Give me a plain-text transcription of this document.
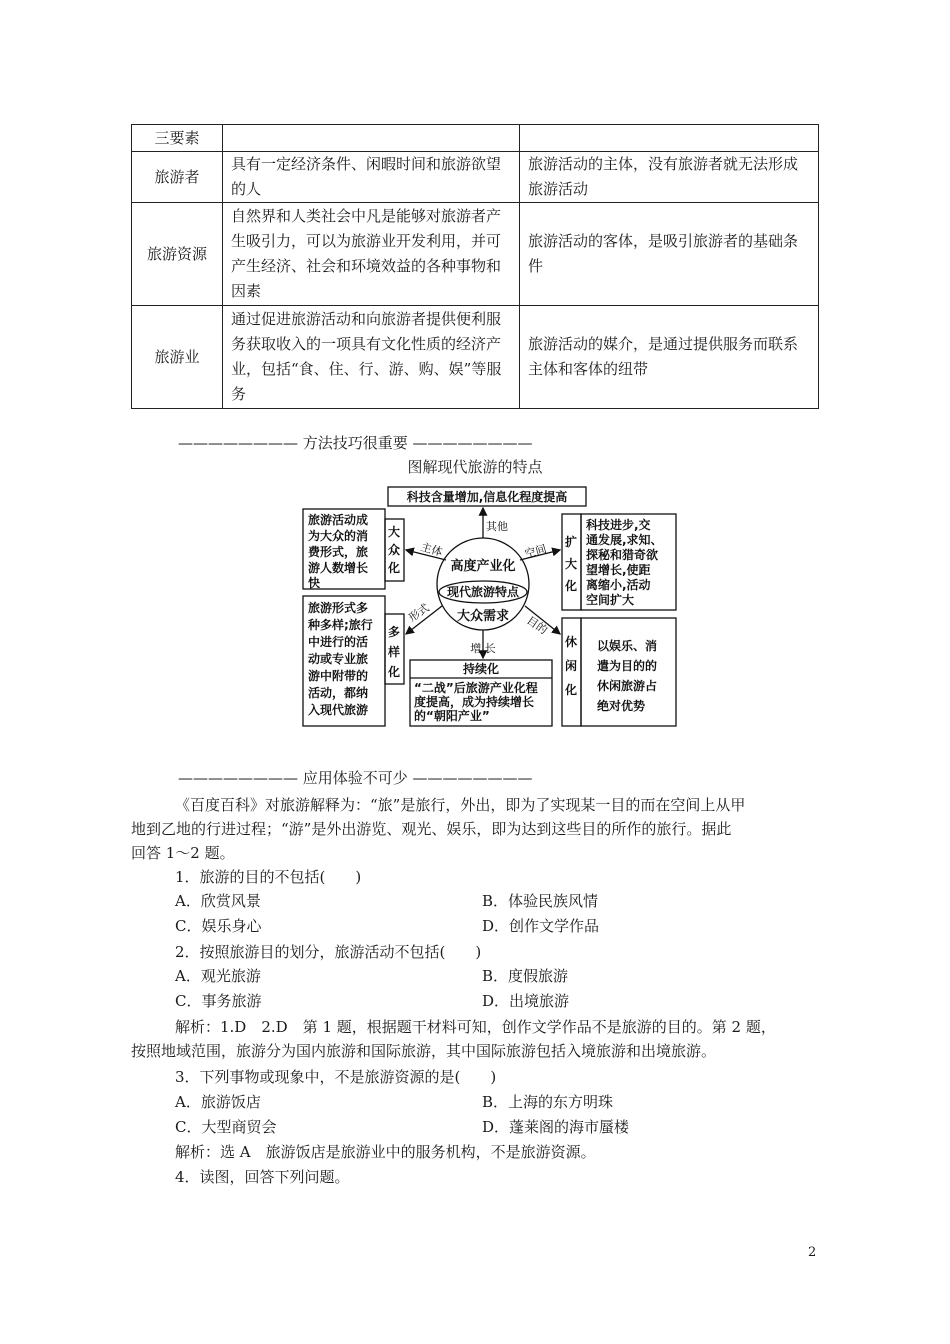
三要素		
旅游者	具有一定经济条件、闲暇时间和旅游欲望的人	旅游活动的主体，没有旅游者就无法形成旅游活动
旅游资源	自然界和人类社会中凡是能够对旅游者产生吸引力，可以为旅游业开发利用，并可产生经济、社会和环境效益的各种事物和因素	旅游活动的客体，是吸引旅游者的基础条件
旅游业	通过促进旅游活动和向旅游者提供便利服务获取收入的一项具有文化性质的经济产业，包括“食、住、行、游、购、娱”等服务	旅游活动的媒介，是通过提供服务而联系主体和客体的纽带
———————— 方法技巧很重要 ————————
图解现代旅游的特点
科技含量增加,信息化程度提高
旅游活动成
为大众的消
费形式，旅
游人数增长
快
大
众
化
扩
大
化
科技进步,交
通发展,求知、
探秘和猎奇欲
望增长,使距
离缩小,活动
空间扩大
旅游形式多
种多样;旅行
中进行的活
动或专业旅
游中附带的
活动，都纳
入现代旅游
多
样
化
休
闲
化
以娱乐、消
遣为目的的
休闲旅游占
绝对优势
持续化
“二战”后旅游产业化程
度提高，成为持续增长
的“朝阳产业”
高度产业化
现代旅游特点
大众需求
其他
主体	空间
形式
目的
增 长
———————— 应用体验不可少 ————————
《百度百科》对旅游解释为：“旅”是旅行，外出，即为了实现某一目的而在空间上从甲
地到乙地的行进过程；“游”是外出游览、观光、娱乐，即为达到这些目的所作的旅行。据此
回答 1～2 题。
1．旅游的目的不包括(　　)
A．欣赏风景	B．体验民族风情
C．娱乐身心	D．创作文学作品
2．按照旅游目的划分，旅游活动不包括(　　)
A．观光旅游	B．度假旅游
C．事务旅游	D．出境旅游
解析：1.D　2.D　第 1 题，根据题干材料可知，创作文学作品不是旅游的目的。第 2 题，
按照地域范围，旅游分为国内旅游和国际旅游，其中国际旅游包括入境旅游和出境旅游。
3．下列事物或现象中，不是旅游资源的是(　　)
A．旅游饭店	B．上海的东方明珠
C．大型商贸会	D．蓬莱阁的海市蜃楼
解析：选 A　旅游饭店是旅游业中的服务机构，不是旅游资源。
4．读图，回答下列问题。
2
